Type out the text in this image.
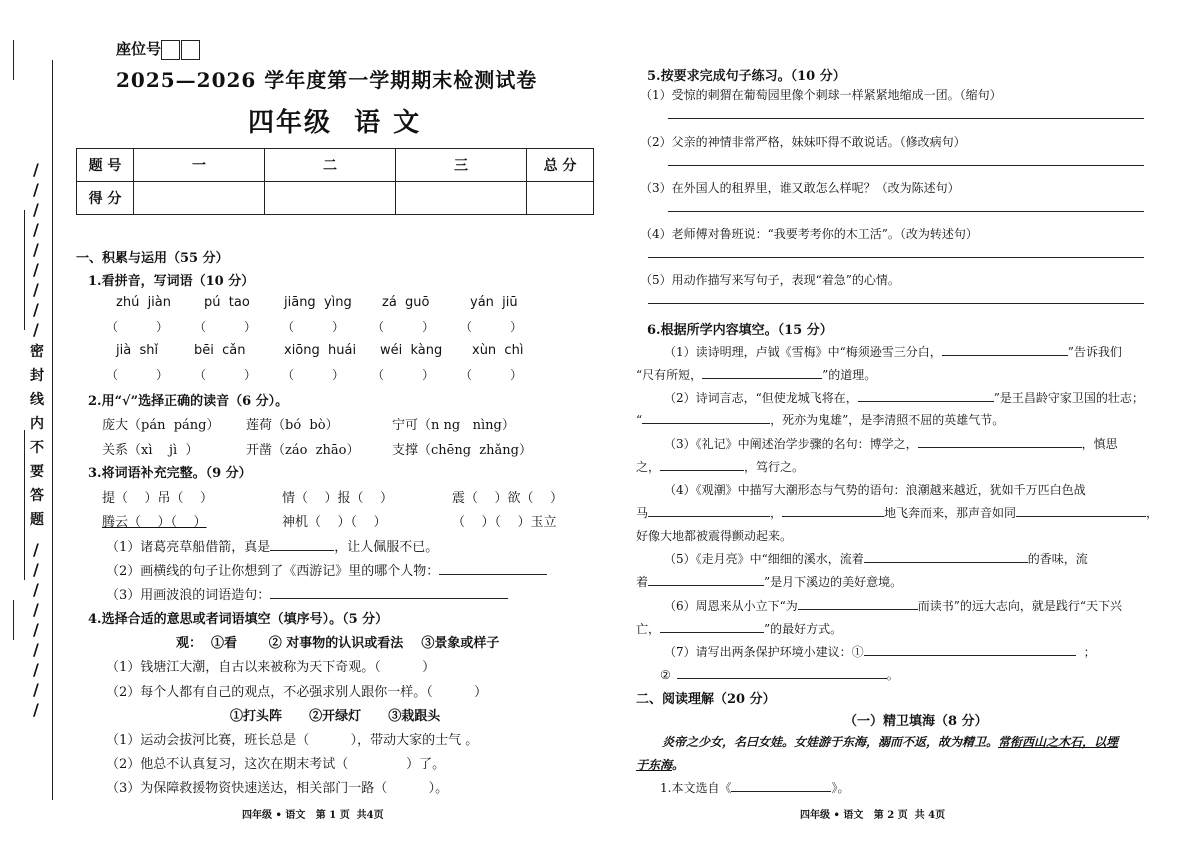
/
/
/
/
/
/
/
/
/
/
/
/
/
/
/
/
/
/
密封线内不要答题
座位号
2025—2026 学年度第一学期期末检测试卷
四年级  语 文
题 号	一	二	三	总 分
得 分				
一、积累与运用（55 分）
1.看拼音，写词语（10 分）
zhú  jiàn	pú  tao	jiāng  yìng zá  guō	yán  jiū
（          ） （          ） （          ） （          ） （          ）
jià  shǐ	bēi  cǎn	xiōng  huái wéi  kàng xùn  chì
（          ） （          ） （          ） （          ） （          ）
2.用“√”选择正确的读音（6 分）。
庞大（pán  páng） 莲荷（bó  bò）	宁可（n ng   nìng）
关系（xì    jì  ）	开凿（záo  zhāo）	支撑（chēng  zhǎng）
3.将词语补充完整。（9 分）
提（    ）吊（    ）	情（    ）报（    ）	震（    ）欲（    ）
腾云（    ）（    ）	神机（    ）（    ）	（    ）（    ）玉立
（1）诸葛亮草船借箭，真是	，让人佩服不已。
（2）画横线的句子让你想到了《西游记》里的哪个人物：
（3）用画波浪的词语造句：
4.选择合适的意思或者词语填空（填序号）。（5 分）
观：  ①看       ② 对事物的认识或看法    ③景象或样子
（1）钱塘江大潮，自古以来被称为天下奇观。（          ）
（2）每个人都有自己的观点，不必强求别人跟你一样。（          ）
①打头阵      ②开绿灯      ③栽跟头
（1）运动会拔河比赛，班长总是（          ），带动大家的士气 。
（2）他总不认真复习，这次在期末考试（              ）了。
（3）为保障救援物资快速送达，相关部门一路（          ）。
四年级 • 语文   第 1 页  共4页
5.按要求完成句子练习。（10 分）
（1）受惊的刺猬在葡萄园里像个刺球一样紧紧地缩成一团。（缩句）
（2）父亲的神情非常严格，妹妹吓得不敢说话。（修改病句）
（3）在外国人的租界里，谁又敢怎么样呢？（改为陈述句）
（4）老师傅对鲁班说：“我要考考你的木工活”。（改为转述句）
（5）用动作描写来写句子，表现“着急”的心情。
6.根据所学内容填空。（15 分）
（1）读诗明理，卢钺《雪梅》中“梅须逊雪三分白，	”告诉我们
“尺有所短，	”的道理。
（2）诗词言志，“但使龙城飞将在，	”是王昌龄守家卫国的壮志；
“	，死亦为鬼雄”，是李清照不屈的英雄气节。
（3）《礼记》中阐述治学步骤的名句：博学之，	，慎思
之，	，笃行之。
（4）《观潮》中描写大潮形态与气势的语句：浪潮越来越近，犹如千万匹白色战
马	，	地飞奔而来，那声音如同	，
好像大地都被震得颤动起来。
（5）《走月亮》中“细细的溪水，流着	的香味，流
着	”是月下溪边的美好意境。
（6）周恩来从小立下“为	而读书”的远大志向，就是践行“天下兴
亡，	”的最好方式。
（7）请写出两条保护环境小建议：①	；
②	。
二、阅读理解（20 分）
（一）精卫填海（8 分）
炎帝之少女，名曰女娃。女娃游于东海，溺而不返，故为精卫。常衔西山之木石，以堙
于东海。
1.本文选自《	》。
四年级 • 语文   第 2 页  共 4页
